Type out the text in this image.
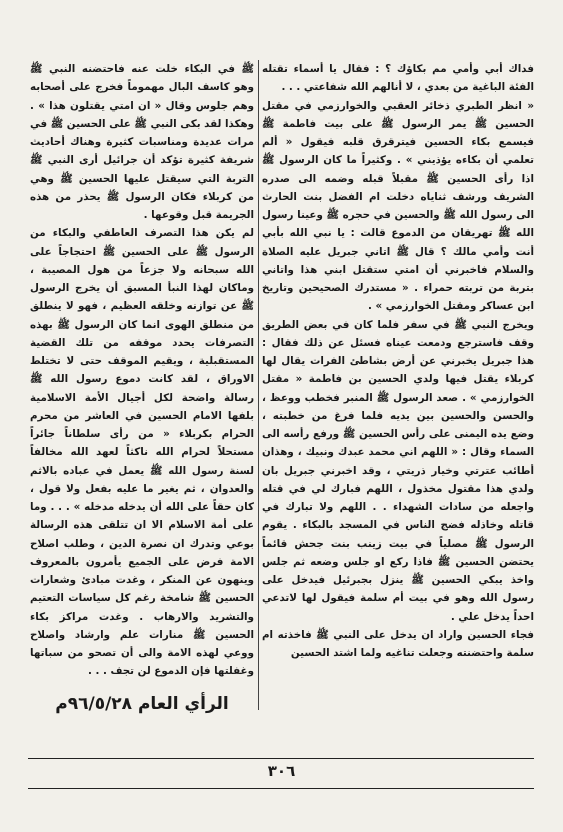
فداك أبي وأمي مم بكاؤك ؟ : فقال يا أسماء تقتله الفئة الباغية من بعدي ، لا أنالهم الله شفاعتي . . .

« انظر الطبري ذخائر العقبي والخوارزمي في مقتل الحسين ﷺ يمر الرسول ﷺ على بيت فاطمة ﷺ فيسمع بكاء الحسين فيترقرق قلبه فيقول « ألم تعلمي أن بكاءه يؤذيني » . وكثيراً ما كان الرسول ﷺ اذا رأى الحسين ﷺ مقبلاً قبله وضمه الى صدره الشريف ورشف ثناياه دخلت ام الفضل بنت الحارث الى رسول الله ﷺ والحسين في حجره ﷺ وعينا رسول الله ﷺ تهريقان من الدموع قالت : يا نبي الله بأبي أنت وأمي مالك ؟ قال ﷺ اتاني جبريل عليه الصلاة والسلام فاخبرني أن امتي ستقتل ابني هذا واتاني بتربة من تربته حمراء . « مستدرك الصحيحين وتاريخ ابن عساكر ومقتل الخوارزمي » .

ويخرج النبي ﷺ في سفر فلما كان في بعض الطريق وقف فاسترجع ودمعت عيناه فسئل عن ذلك فقال : هذا جبريل يخبرني عن أرض بشاطئ الفرات يقال لها كربلاء يقتل فيها ولدي الحسين بن فاطمة « مقتل الخوارزمي » . صعد الرسول ﷺ المنبر فخطب ووعظ ، والحسن والحسين بين يديه فلما فرغ من خطبته ، وضع يده اليمنى على رأس الحسين ﷺ ورفع رأسه الى السماء وقال : « اللهم اني محمد عبدك ونبيك ، وهذان أطائب عترتي وخيار ذريتي ، وقد اخبرني جبريل بان ولدي هذا مقتول مخذول ، اللهم فبارك لي في قتله واجعله من سادات الشهداء . . اللهم ولا تبارك في قاتله وخاذله فضج الناس في المسجد بالبكاء . يقوم الرسول ﷺ مصلياً في بيت زينب بنت جحش قائماً يحتضن الحسين ﷺ فاذا ركع او جلس وضعه ثم جلس واخذ يبكي الحسين ﷺ ينزل بجبرئيل فيدخل على رسول الله وهو في بيت أم سلمة فيقول لها لاتدعي احداً يدخل علي .

فجاء الحسين واراد ان يدخل على النبي ﷺ فاخذته ام سلمة واحتضنته وجعلت تناغيه ولما اشتد الحسين

ﷺ في البكاء خلت عنه فاحتضنه النبي ﷺ وهو كاسف البال مهموماً فخرج على أصحابه وهم جلوس وقال « ان امتي يقتلون هذا » . وهكذا لقد بكى النبي ﷺ على الحسين ﷺ في مرات عديدة ومناسبات كثيرة وهناك أحاديث شريفة كثيرة تؤكد أن جرائيل أرى النبي ﷺ التربة التي سيقتل عليها الحسين ﷺ وهي من كربلاء فكان الرسول ﷺ يحذر من هذه الجريمة قبل وقوعها .

لم يكن هذا التصرف العاطفي والبكاء من الرسول ﷺ على الحسين ﷺ احتجاجاً على الله سبحانه ولا جزعاً من هول المصيبة ، وماكان لهذا النبأ المسبق أن يخرج الرسول ﷺ عن توازنه وخلقه العظيم ، فهو لا ينطلق من منطلق الهوى انما كان الرسول ﷺ بهذه التصرفات يحدد موقفه من تلك القضية المستقبلية ، ويقيم الموقف حتى لا تختلط الاوراق ، لقد كانت دموع رسول الله ﷺ رسالة واضحة لكل أجيال الأمة الاسلامية بلفها الامام الحسين في العاشر من محرم الحرام بكربلاء « من رأى سلطاناً جائراً مستحلاً لحرام الله ناكثاً لعهد الله مخالفاً لسنة رسول الله ﷺ يعمل في عباده بالاثم والعدوان ، ثم يغير ما عليه بفعل ولا قول ، كان حقاً على الله أن يدخله مدخله » . . . وما على أمة الاسلام الا ان تتلقى هذه الرسالة بوعي وتدرك ان نصرة الدين ، وطلب اصلاح الامة فرض على الجميع يأمرون بالمعروف وينهون عن المنكر ، وغدت مبادئ وشعارات الحسين ﷺ شامخة رغم كل سياسات التعتيم والتشريد والارهاب . وغدت مراكز بكاء الحسين ﷺ منارات علم وارشاد واصلاح ووعي لهذه الامة والى أن تصحو من سباتها وغفلتها فإن الدموع لن تجف . . .

الرأي العام ٩٦/٥/٢٨م
٣٠٦
